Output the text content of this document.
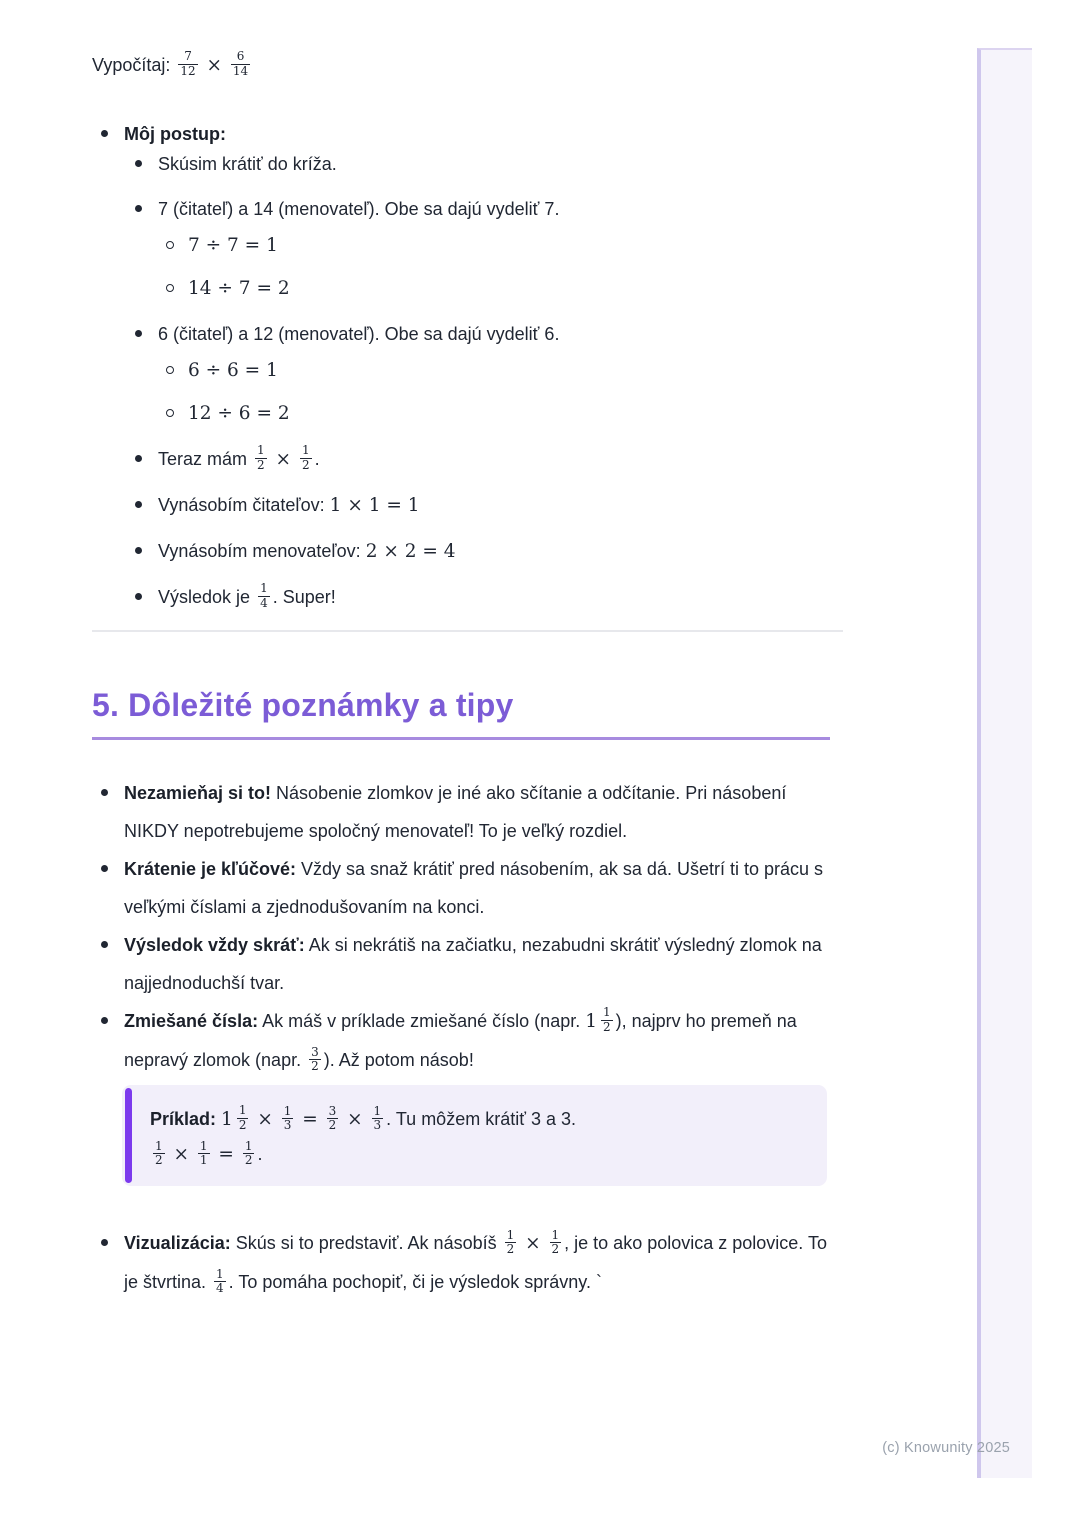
Vypočítaj: $\frac{7}{12} \times \frac{6}{14}$

Môj postup:
Skúsim krátiť do kríža.
7 (čitateľ) a 14 (menovateľ). Obe sa dajú vydeliť 7.
7 ÷ 7 = 1
14 ÷ 7 = 2
6 (čitateľ) a 12 (menovateľ). Obe sa dajú vydeliť 6.
6 ÷ 6 = 1
12 ÷ 6 = 2
Teraz mám $\frac{1}{2} \times \frac{1}{2}$ .
Vynásobím čitateľov: 1 × 1 = 1
Vynásobím menovateľov: 2 × 2 = 4
Výsledok je $\frac{1}{4}$ . Super!
5. Dôležité poznámky a tipy
Nezamieňaj si to! Násobenie zlomkov je iné ako sčítanie a odčítanie. Pri násobení NIKDY nepotrebujeme spoločný menovateľ! To je veľký rozdiel.
Krátenie je kľúčové: Vždy sa snaž krátiť pred násobením, ak sa dá. Ušetrí ti to prácu s veľkými číslami a zjednodušovaním na konci.
Výsledok vždy skráť: Ak si nekrátiš na začiatku, nezabudni skrátiť výsledný zlomok na najjednoduchší tvar.
Zmiešané čísla: Ak máš v príklade zmiešané číslo (napr. $1 \frac{1}{2}$ ), najprv ho premeň na nepravý zlomok (napr. $\frac{3}{2}$ ). Až potom násob!
Príklad: $1 \frac{1}{2} \times \frac{1}{3} = \frac{3}{2} \times \frac{1}{3}$ . Tu môžem krátiť 3 a 3.
$\frac{1}{2} \times \frac{1}{1} = \frac{1}{2}$ .
Vizualizácia: Skús si to predstaviť. Ak násobíš $\frac{1}{2} \times \frac{1}{2}$ , je to ako polovica z polovice. To je štvrtina. $\frac{1}{4}$ . To pomáha pochopiť, či je výsledok správny. `
(c) Knowunity 2025
